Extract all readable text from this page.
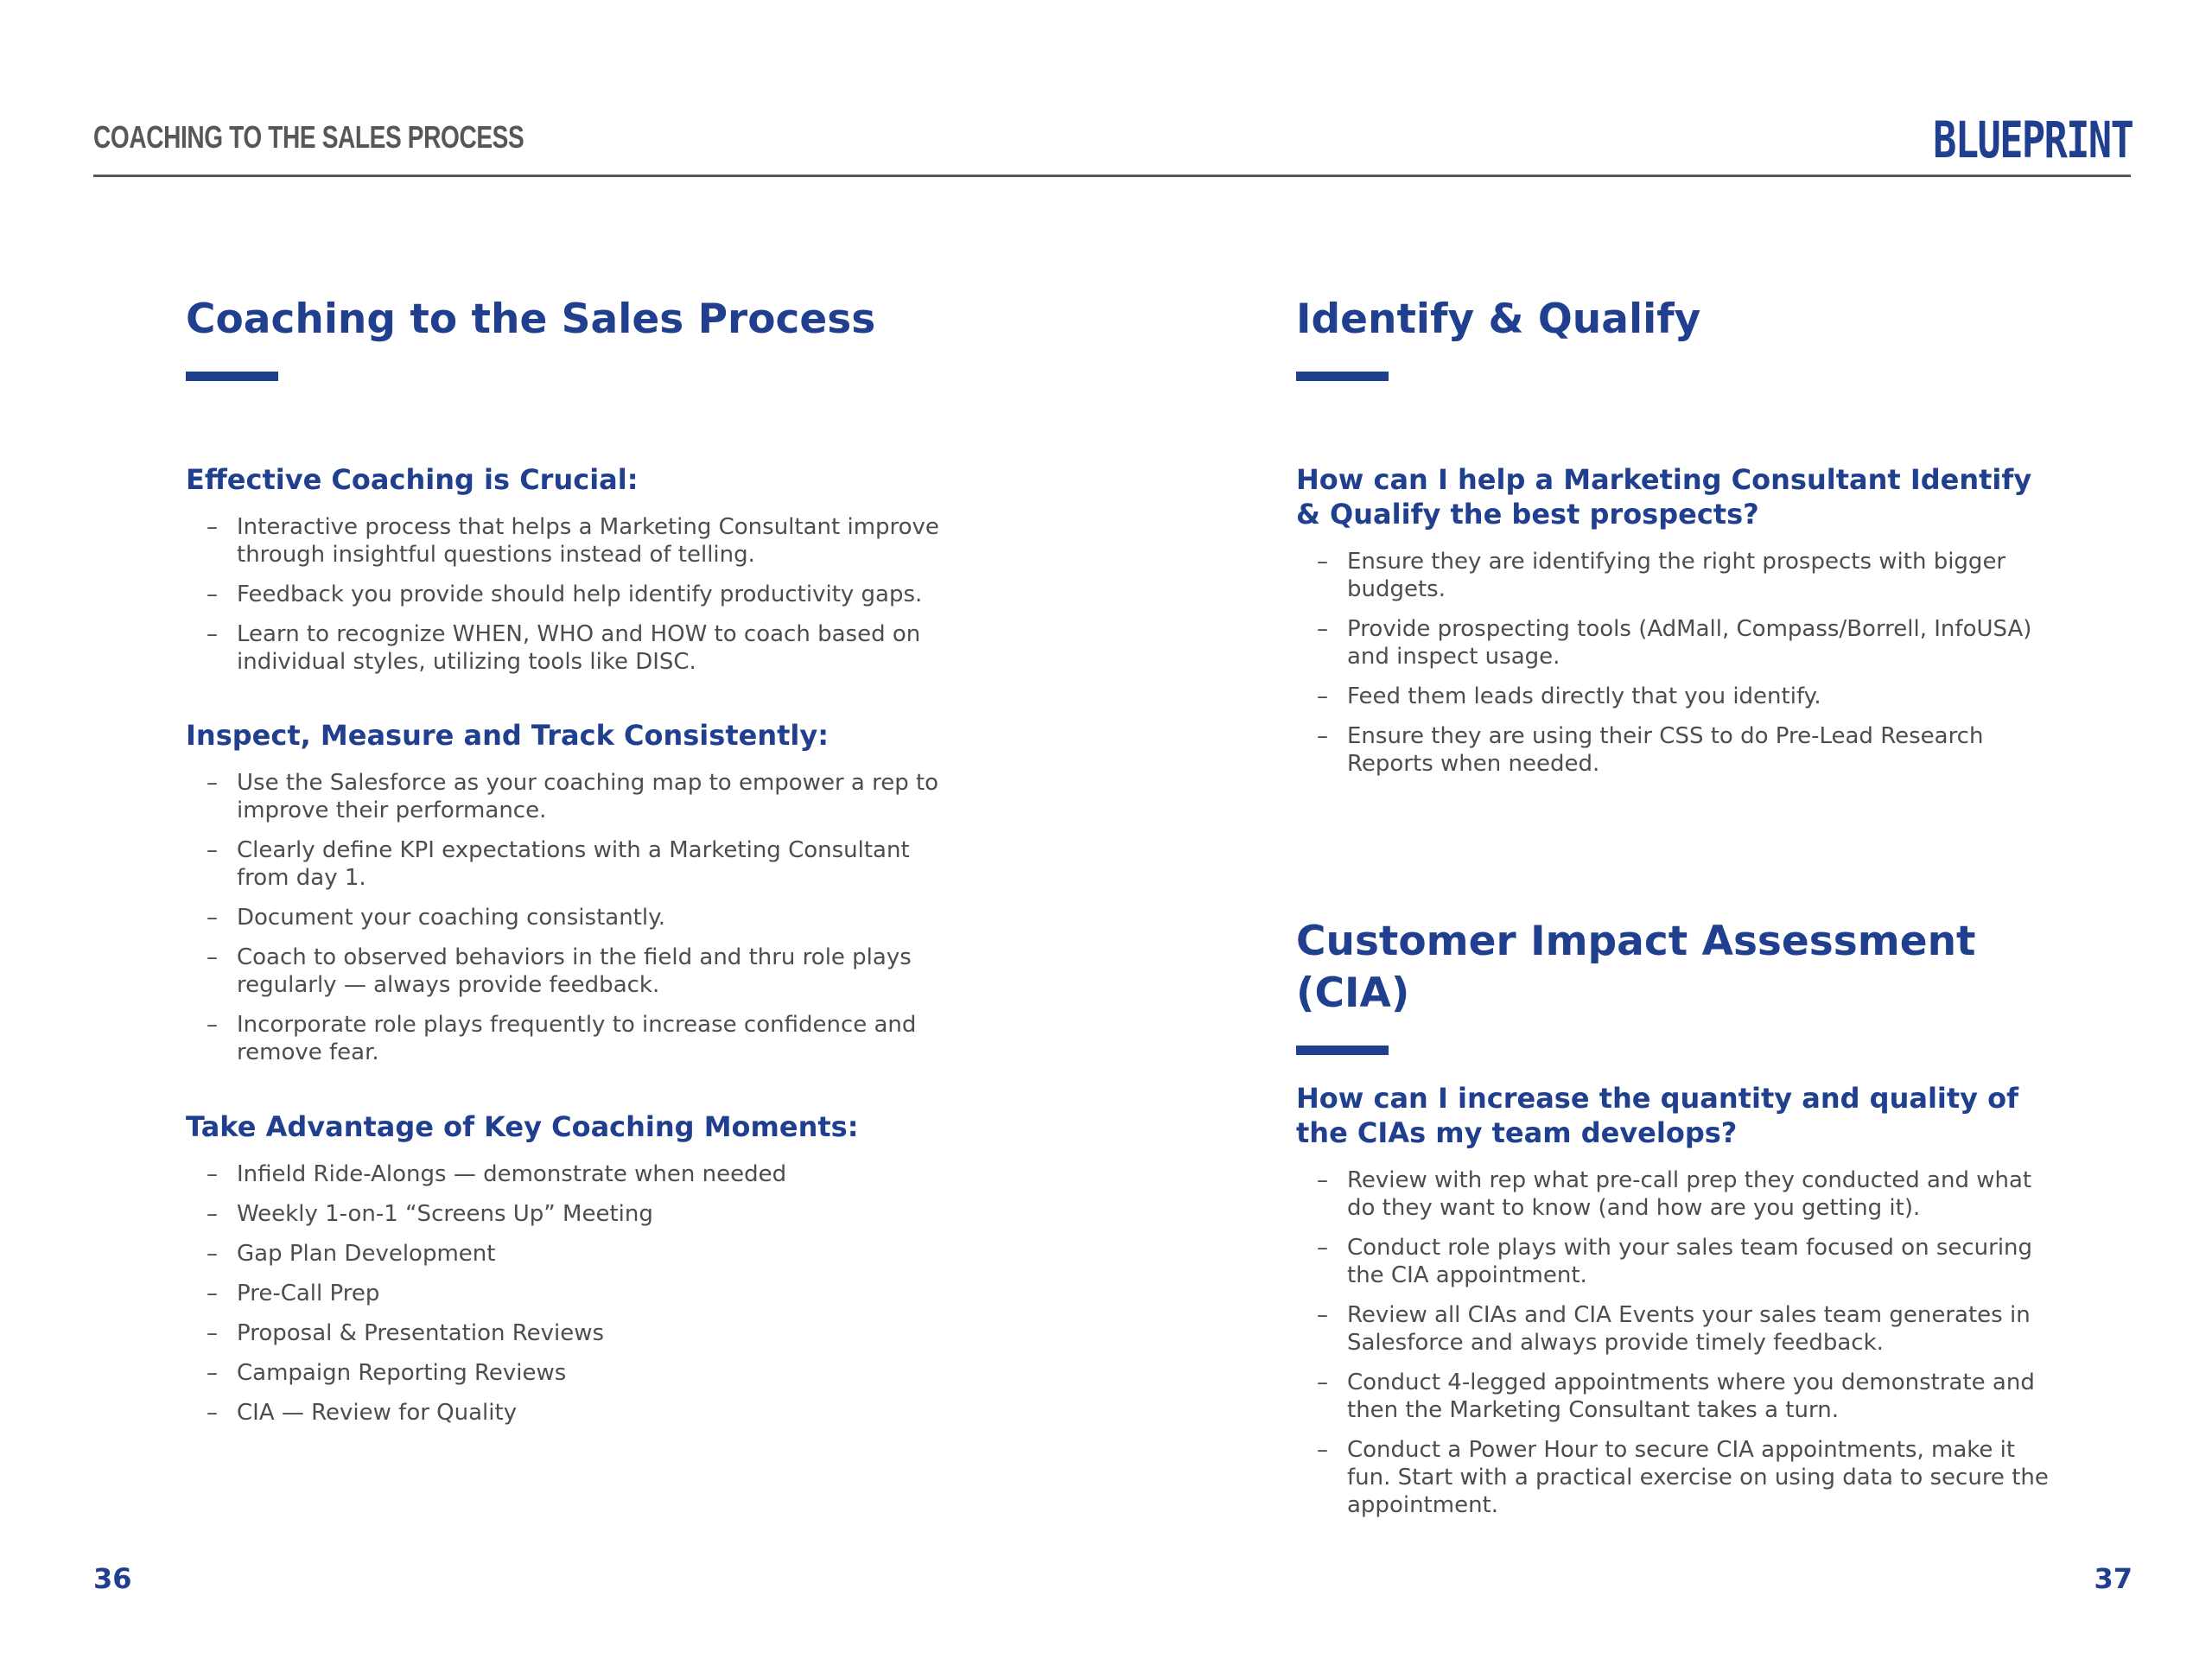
COACHING TO THE SALES PROCESS	BLUEPRINT
Coaching to the Sales Process
Effective Coaching is Crucial:
– Interactive process that helps a Marketing Consultant improve through insightful questions instead of telling.
– Feedback you provide should help identify productivity gaps.
– Learn to recognize WHEN, WHO and HOW to coach based on individual styles, utilizing tools like DISC.
Inspect, Measure and Track Consistently:
– Use the Salesforce as your coaching map to empower a rep to improve their performance.
– Clearly define KPI expectations with a Marketing Consultant from day 1.
– Document your coaching consistantly.
– Coach to observed behaviors in the field and thru role plays regularly — always provide feedback.
– Incorporate role plays frequently to increase confidence and remove fear.
Take Advantage of Key Coaching Moments:
– Infield Ride-Alongs — demonstrate when needed
– Weekly 1-on-1 “Screens Up” Meeting
– Gap Plan Development
– Pre-Call Prep
– Proposal & Presentation Reviews
– Campaign Reporting Reviews
– CIA — Review for Quality
Identify & Qualify
How can I help a Marketing Consultant Identify & Qualify the best prospects?
– Ensure they are identifying the right prospects with bigger budgets.
– Provide prospecting tools (AdMall, Compass/Borrell, InfoUSA) and inspect usage.
– Feed them leads directly that you identify.
– Ensure they are using their CSS to do Pre-Lead Research Reports when needed.
Customer Impact Assessment (CIA)
How can I increase the quantity and quality of the CIAs my team develops?
– Review with rep what pre-call prep they conducted and what do they want to know (and how are you getting it).
– Conduct role plays with your sales team focused on securing the CIA appointment.
– Review all CIAs and CIA Events your sales team generates in Salesforce and always provide timely feedback.
– Conduct 4-legged appointments where you demonstrate and then the Marketing Consultant takes a turn.
– Conduct a Power Hour to secure CIA appointments, make it fun. Start with a practical exercise on using data to secure the appointment.
36	37
